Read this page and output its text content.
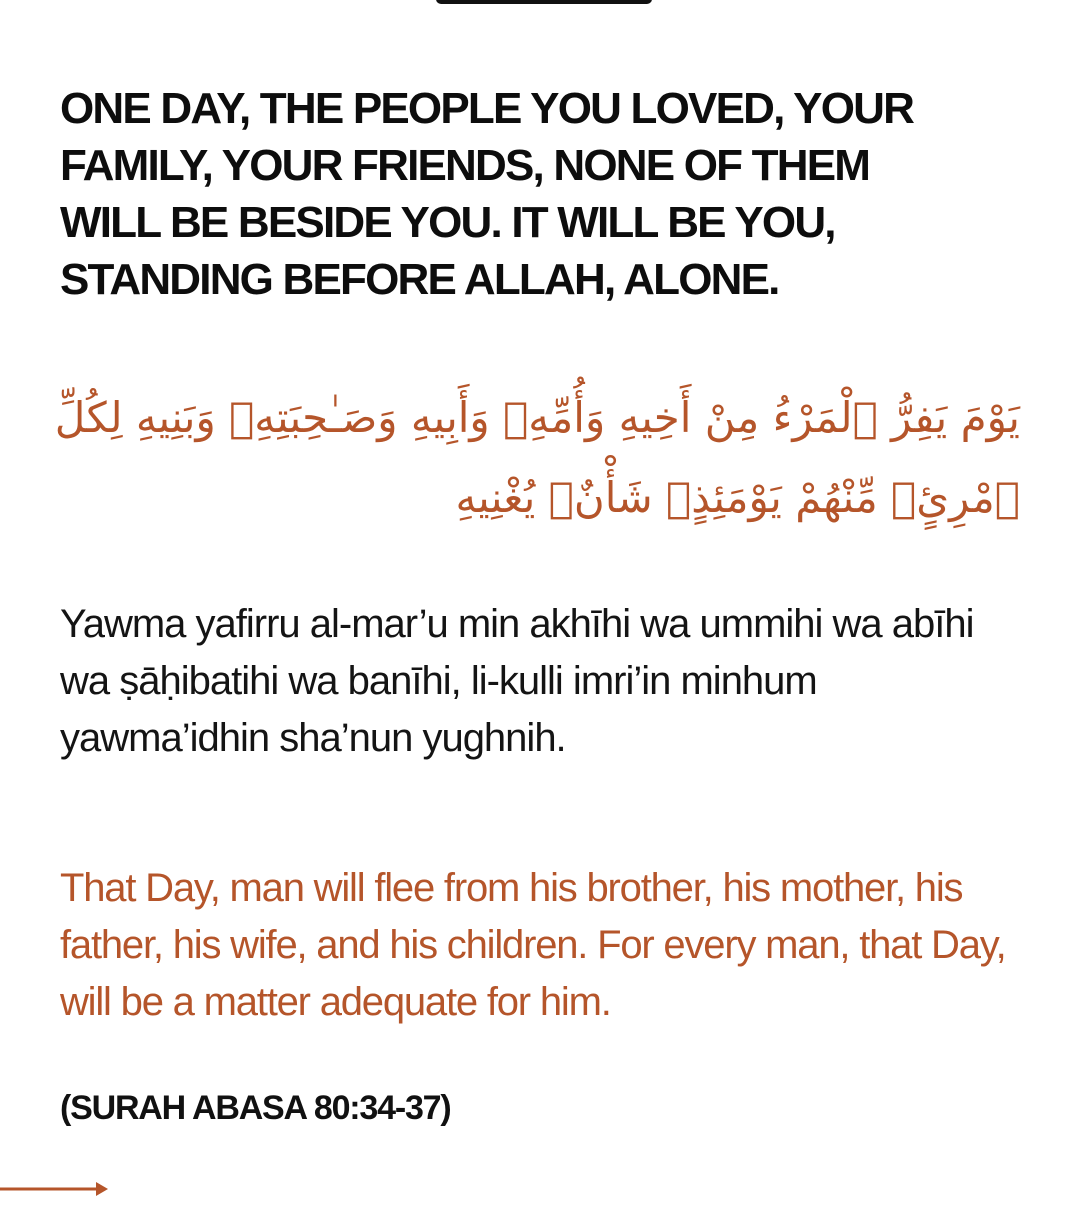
ONE DAY, THE PEOPLE YOU LOVED, YOUR FAMILY, YOUR FRIENDS, NONE OF THEM WILL BE BESIDE YOU. IT WILL BE YOU, STANDING BEFORE ALLAH, ALONE.

يَوْمَ يَفِرُّ ٱلْمَرْءُ مِنْ أَخِيهِ وَأُمِّهِۦ وَأَبِيهِ وَصَـٰحِبَتِهِۦ وَبَنِيهِ لِكُلِّ ٱمْرِئٍۢ مِّنْهُمْ يَوْمَئِذٍۢ شَأْنٌۭ يُغْنِيهِ

Yawma yafirru al-mar’u min akhīhi wa ummihi wa abīhi wa ṣāḥibatihi wa banīhi, li-kulli imri’in minhum yawma’idhin sha’nun yughnih.

That Day, man will flee from his brother, his mother, his father, his wife, and his children. For every man, that Day, will be a matter adequate for him.

(SURAH ABASA 80:34-37)
